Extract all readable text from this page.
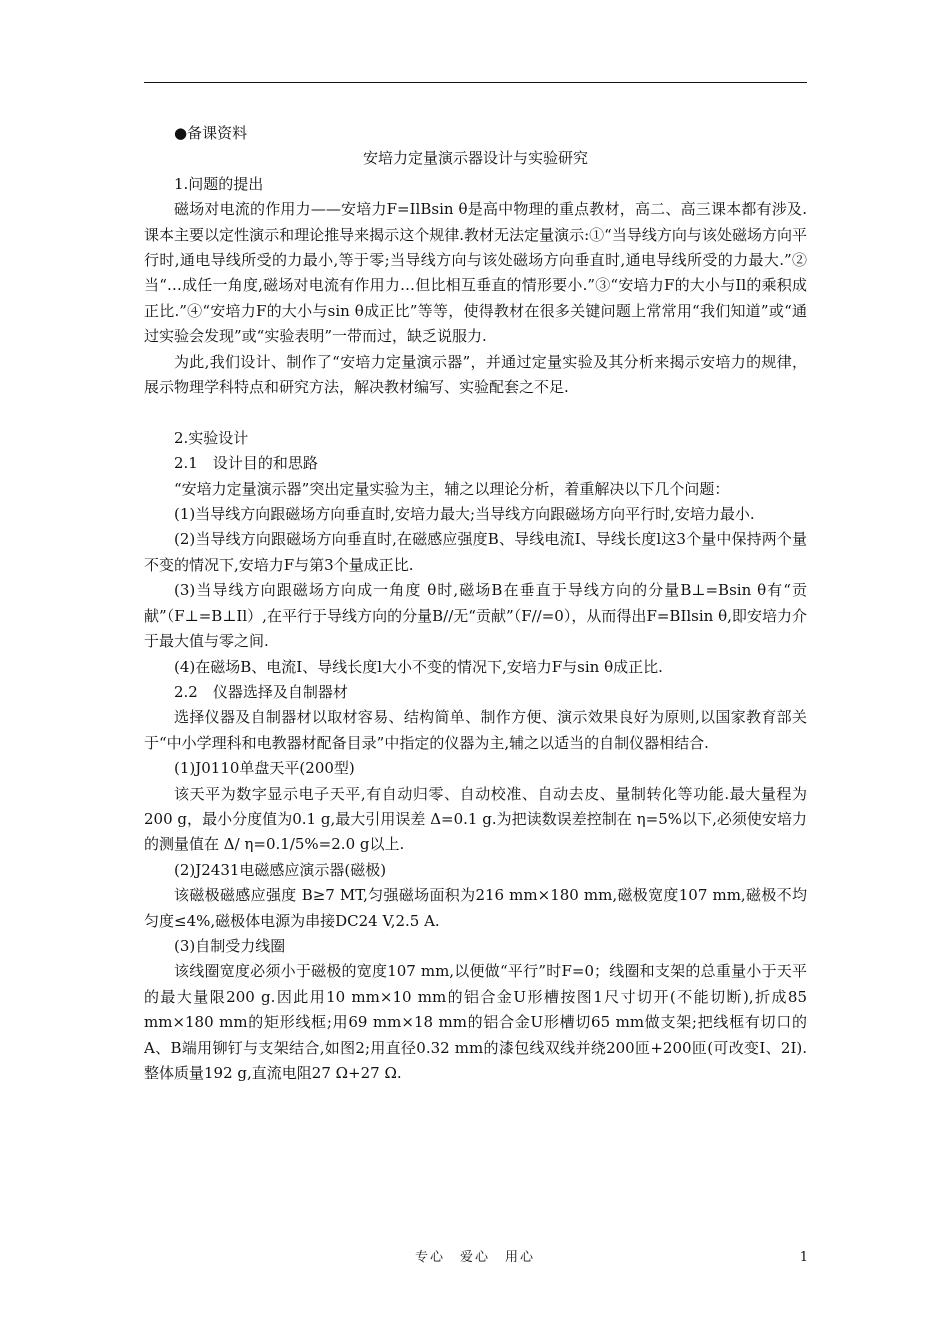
●备课资料

安培力定量演示器设计与实验研究

1.问题的提出

磁场对电流的作用力——安培力F=IlBsin θ是高中物理的重点教材，高二、高三课本都有涉及.课本主要以定性演示和理论推导来揭示这个规律.教材无法定量演示:①“当导线方向与该处磁场方向平行时,通电导线所受的力最小,等于零;当导线方向与该处磁场方向垂直时,通电导线所受的力最大.”②当“…成任一角度,磁场对电流有作用力…但比相互垂直的情形要小.”③“安培力F的大小与Il的乘积成正比.”④“安培力F的大小与sin θ成正比”等等，使得教材在很多关键问题上常常用“我们知道”或“通过实验会发现”或“实验表明”一带而过，缺乏说服力.

为此,我们设计、制作了“安培力定量演示器”，并通过定量实验及其分析来揭示安培力的规律，展示物理学科特点和研究方法，解决教材编写、实验配套之不足.

2.实验设计

2.1　设计目的和思路

“安培力定量演示器”突出定量实验为主，辅之以理论分析，着重解决以下几个问题：

(1)当导线方向跟磁场方向垂直时,安培力最大;当导线方向跟磁场方向平行时,安培力最小.

(2)当导线方向跟磁场方向垂直时,在磁感应强度B、导线电流I、导线长度l这3个量中保持两个量不变的情况下,安培力F与第3个量成正比.

(3)当导线方向跟磁场方向成一角度 θ时,磁场B在垂直于导线方向的分量B⊥=Bsin θ有“贡献”（F⊥=B⊥Il）,在平行于导线方向的分量B//无“贡献”（F//=0），从而得出F=BIlsin θ,即安培力介于最大值与零之间.

(4)在磁场B、电流I、导线长度l大小不变的情况下,安培力F与sin θ成正比.

2.2　仪器选择及自制器材

选择仪器及自制器材以取材容易、结构简单、制作方便、演示效果良好为原则,以国家教育部关于“中小学理科和电教器材配备目录”中指定的仪器为主,辅之以适当的自制仪器相结合.

(1)J0110单盘天平(200型)

该天平为数字显示电子天平,有自动归零、自动校准、自动去皮、量制转化等功能.最大量程为200 g，最小分度值为0.1 g,最大引用误差 Δ=0.1 g.为把读数误差控制在 η=5%以下,必须使安培力的测量值在 Δ/ η=0.1/5%=2.0 g以上.

(2)J2431电磁感应演示器(磁极)

该磁极磁感应强度 B≥7 MT,匀强磁场面积为216 mm×180 mm,磁极宽度107 mm,磁极不均匀度≤4%,磁极体电源为串接DC24 V,2.5 A.

(3)自制受力线圈

该线圈宽度必须小于磁极的宽度107 mm,以便做“平行”时F=0；线圈和支架的总重量小于天平的最大量限200 g.因此用10 mm×10 mm的铝合金U形槽按图1尺寸切开(不能切断),折成85 mm×180 mm的矩形线框;用69 mm×18 mm的铝合金U形槽切65 mm做支架;把线框有切口的A、B端用铆钉与支架结合,如图2;用直径0.32 mm的漆包线双线并绕200匝+200匝(可改变I、2I).整体质量192 g,直流电阻27 Ω+27 Ω.

专心　爱心　用心	1
